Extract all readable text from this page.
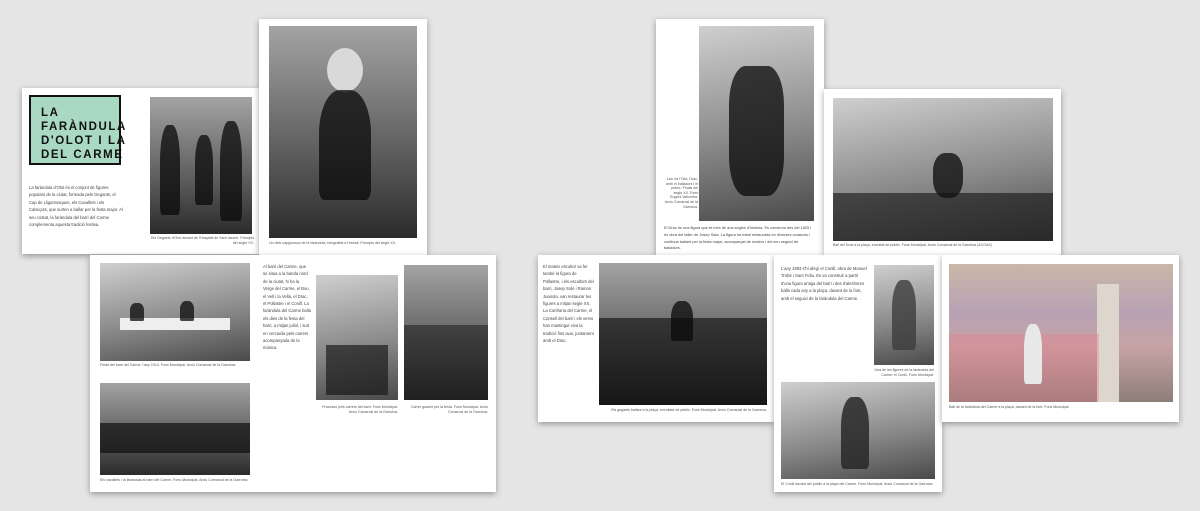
LA
FARÀNDULA
D'OLOT I LA
DEL CARME
La faràndula d'Olot és el conjunt de figures populars de la ciutat, formada pels Gegants, el Cap de Lligamosques, els Cavallets i els Cabeçuts, que surten a ballar per la festa major. Al seu costat, la faràndula del barri del Carme complementa aquesta tradició festiva.
Els Gegants d'Olot davant de l'Hospital de Sant Jaume. Principis del segle XX.	Un dels capgrossos de la faràndula, fotografiat a l'estudi. Principis del segle XX.
Lloc de l'Olot, Drac, amb el balladors i el públic. Finals del segle XX. Fons Eugeni Vallcorba. Arxiu Comarcal de la Garrotxa.
El Drac és una figura que té més de dos segles d'història. Es conserva des del 1825 i és obra del taller de Josep Sala. La figura ha estat restaurada en diverses ocasions i continua ballant per la festa major, acompanyat de músics i del seu seguici de balladors.
Ball del Drac a la plaça, envoltat de públic. Fons Municipal. Arxiu Comarcal de la Garrotxa (ACGAX).
Festa del barri del Carme, l'any 1914. Fons Municipal. Arxiu Comarcal de la Garrotxa.
Els cavallets i la faràndula al barri del Carme. Fons Municipal. Arxiu Comarcal de la Garrotxa.
Al barri del Carme, que se situa a la banda nord de la ciutat, hi ha la Verge del Carme, el Bou, el Vell i la Vella, el Drac, el Pollastre i el Conill. La faràndula del Carme balla els dies de la festa del barri, a mitjan juliol, i surt en cercavila pels carrers acompanyada de la música.
Processó pels carrers del barri. Fons Municipal. Arxiu Comarcal de la Garrotxa.
Carrer guarnit per la festa. Fons Municipal. Arxiu Comarcal de la Garrotxa.
El mateix escultor va fer també la figura de Pollastre, i els escultors del barri, Josep Solé i Ramon Juanola, van restaurar les figures a mitjan segle XX. La Confraria del Carme, el Consell del barri i els veïns han mantingut viva la tradició fins avui, juntament amb el Drac.
Els gegants ballant a la plaça, envoltats de públic. Fons Municipal. Arxiu Comarcal de la Garrotxa.
L'any 1993 s'hi afegí el Conill, obra de Manuel Trobé i Sant Feliu. Es va construir a partir d'una figura antiga del barri i des d'aleshores balla cada any a la plaça, davant de la font, amb el seguici de la faràndula del Carme.
Una de les figures de la faràndula del Carme: el Conill. Fons Municipal.
El Conill davant del públic a la plaça del Carme. Fons Municipal. Arxiu Comarcal de la Garrotxa.
Ball de la faràndula del Carme a la plaça, davant de la font. Fons Municipal.
